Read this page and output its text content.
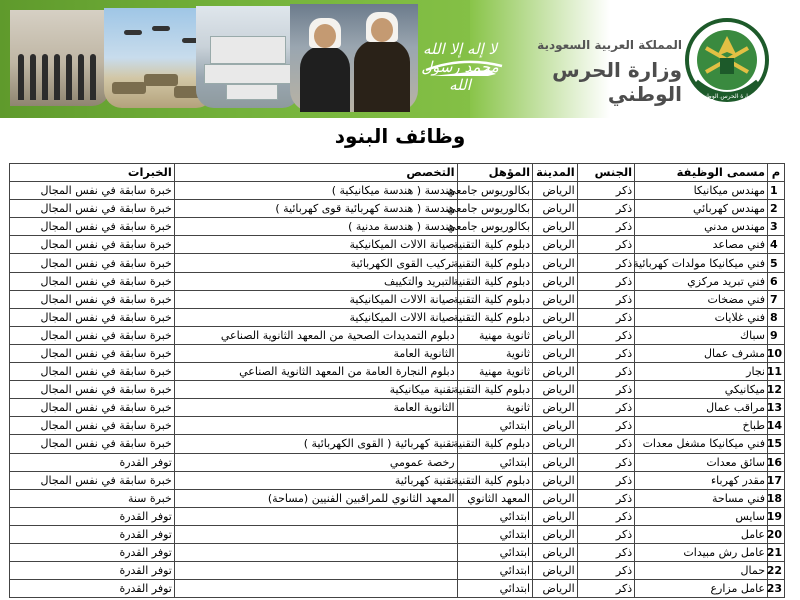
لا إله إلا الله محمد رسول الله
المملكة العربية السعودية
وزارة الحرس الوطني	وزارة الحرس الوطني
وظائف البنود
م	مسمى الوظيفة	الجنس	المدينة	المؤهل	التخصص	الخبرات
1	مهندس ميكانيكا	ذكر	الرياض	بكالوريوس جامعي	هندسة ( هندسة ميكانيكية )	خبرة سابقة في نفس المجال
2	مهندس كهربائي	ذكر	الرياض	بكالوريوس جامعي	هندسة ( هندسة كهربائية قوى كهربائية )	خبرة سابقة في نفس المجال
3	مهندس مدني	ذكر	الرياض	بكالوريوس جامعي	هندسة ( هندسة مدنية )	خبرة سابقة في نفس المجال
4	فني مصاعد	ذكر	الرياض	دبلوم كلية التقنية	صيانة الالات الميكانيكية	خبرة سابقة في نفس المجال
5	فني ميكانيكا مولدات كهربائية	ذكر	الرياض	دبلوم كلية التقنية	تركيب القوى الكهربائية	خبرة سابقة في نفس المجال
6	فني تبريد مركزي	ذكر	الرياض	دبلوم كلية التقنية	التبريد والتكييف	خبرة سابقة في نفس المجال
7	فني مضخات	ذكر	الرياض	دبلوم كلية التقنية	صيانة الالات الميكانيكية	خبرة سابقة في نفس المجال
8	فني غلايات	ذكر	الرياض	دبلوم كلية التقنية	صيانة الالات الميكانيكية	خبرة سابقة في نفس المجال
9	سباك	ذكر	الرياض	ثانوية مهنية	دبلوم التمديدات الصحية من المعهد الثانوية الصناعي	خبرة سابقة في نفس المجال
10	مشرف عمال	ذكر	الرياض	ثانوية	الثانوية العامة	خبرة سابقة في نفس المجال
11	نجار	ذكر	الرياض	ثانوية مهنية	دبلوم النجارة العامة من المعهد الثانوية الصناعي	خبرة سابقة في نفس المجال
12	ميكانيكي	ذكر	الرياض	دبلوم كلية التقنية	تقنية ميكانيكية	خبرة سابقة في نفس المجال
13	مراقب عمال	ذكر	الرياض	ثانوية	الثانوية العامة	خبرة سابقة في نفس المجال
14	طباخ	ذكر	الرياض	ابتدائي		خبرة سابقة في نفس المجال
15	فني ميكانيكا مشغل معدات	ذكر	الرياض	دبلوم كلية التقنية	تقنية كهربائية ( القوى الكهربائية )	خبرة سابقة في نفس المجال
16	سائق معدات	ذكر	الرياض	ابتدائي	رخصة عمومي	توفر القدرة
17	مقدر كهرباء	ذكر	الرياض	دبلوم كلية التقنية	تقنية كهربائية	خبرة سابقة في نفس المجال
18	فني مساحة	ذكر	الرياض	المعهد الثانوي	المعهد الثانوي للمراقبين الفنيين (مساحة)	خبرة سنة
19	سايس	ذكر	الرياض	ابتدائي		توفر القدرة
20	عامل	ذكر	الرياض	ابتدائي		توفر القدرة
21	عامل رش مبيدات	ذكر	الرياض	ابتدائي		توفر القدرة
22	حمال	ذكر	الرياض	ابتدائي		توفر القدرة
23	عامل مزارع	ذكر	الرياض	ابتدائي		توفر القدرة
